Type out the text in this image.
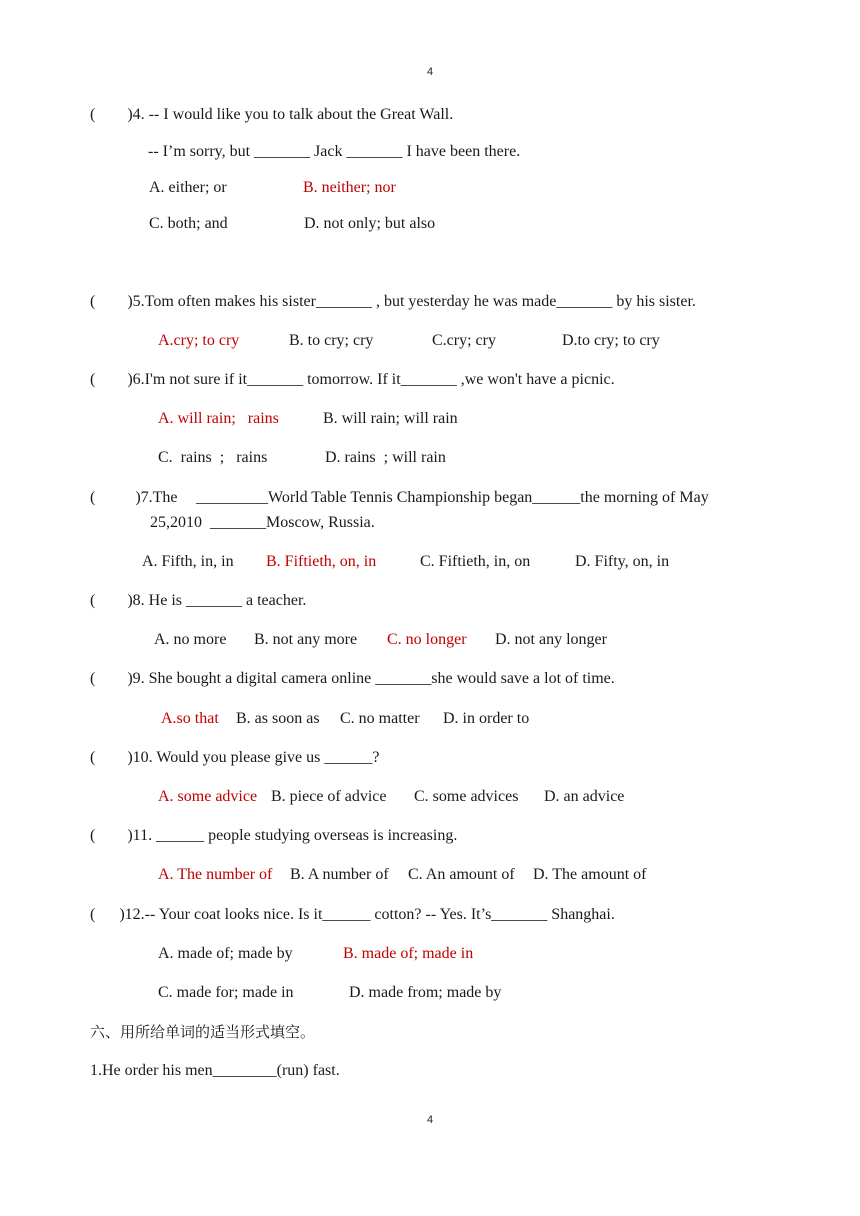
4
(        )4. -- I would like you to talk about the Great Wall.
-- I’m sorry, but _______ Jack _______ I have been there.
A. either; or	B. neither; nor
C. both; and	D. not only; but also
(        )5.Tom often makes his sister_______ , but yesterday he was made_______ by his sister.
A.cry; to cry	B. to cry; cry	C.cry; cry	D.to cry; to cry
(        )6.I'm not sure if it_______ tomorrow. If it_______ ,we won't have a picnic.
A. will rain;   rains	B. will rain; will rain
C.  rains  ;   rains	D. rains  ; will rain
(          )7.The _________World Table Tennis Championship began______the morning of May
25,2010  _______Moscow, Russia.
A. Fifth, in, in B. Fiftieth, on, in	C. Fiftieth, in, on	D. Fifty, on, in
(        )8. He is _______ a teacher.
A. no more B. not any more C. no longer D. not any longer
(        )9. She bought a digital camera online _______she would save a lot of time.
A.so that B. as soon as C. no matter D. in order to
(        )10. Would you please give us ______?
A. some advice B. piece of advice C. some advices D. an advice
(        )11. ______ people studying overseas is increasing.
A. The number of B. A number of C. An amount of D. The amount of
(      )12.-- Your coat looks nice. Is it______ cotton? -- Yes. It’s_______ Shanghai.
A. made of; made by	B. made of; made in
C. made for; made in	D. made from; made by
六、用所给单词的适当形式填空。
1.He order his men________(run) fast.
4
